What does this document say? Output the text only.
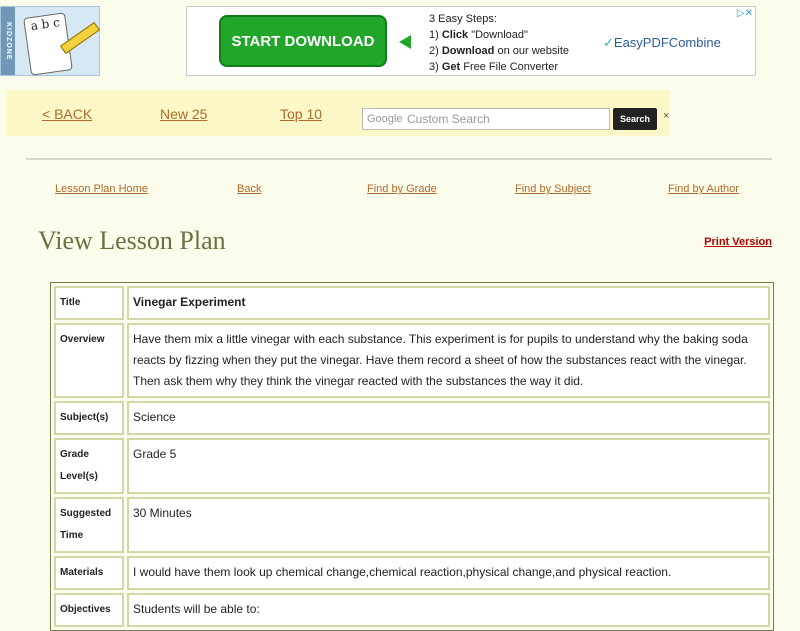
KIDZONE	a b c
START DOWNLOAD
3 Easy Steps:
1) Click "Download"
2) Download on our website
3) Get Free File Converter
✓EasyPDFCombine
▷✕
< BACK	New 25	Top 10	Google Custom Search	Search	×
Lesson Plan Home	Back	Find by Grade	Find by Subject	Find by Author
View Lesson Plan	Print Version
Title	Vinegar Experiment
Overview	Have them mix a little vinegar with each substance. This experiment is for pupils to understand why the baking soda reacts by fizzing when they put the vinegar. Have them record a sheet of how the substances react with the vinegar. Then ask them why they think the vinegar reacted with the substances the way it did.
Subject(s)	Science
Grade Level(s)	Grade 5
Suggested Time	30 Minutes
Materials	I would have them look up chemical change,chemical reaction,physical change,and physical reaction.
Objectives	Students will be able to:
